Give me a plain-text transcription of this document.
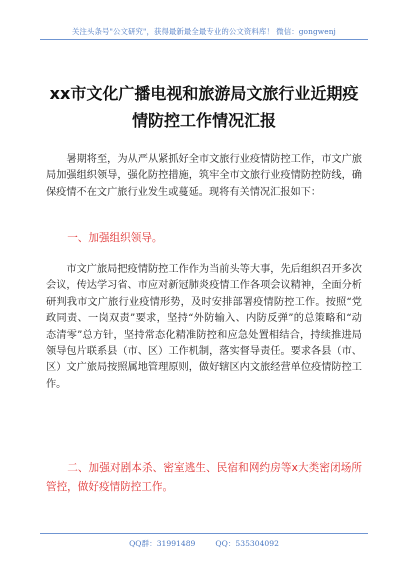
关注头条号"公文研究"，获得最新最全最专业的公文资料库！ 微信：gongwenj
xx市文化广播电视和旅游局文旅行业近期疫情防控工作情况汇报
暑期将至，为从严从紧抓好全市文旅行业疫情防控工作，市文广旅局加强组织领导，强化防控措施，筑牢全市文旅行业疫情防控防线，确保疫情不在文广旅行业发生或蔓延。现将有关情况汇报如下：
一、加强组织领导。
市文广旅局把疫情防控工作作为当前头等大事，先后组织召开多次会议，传达学习省、市应对新冠肺炎疫情工作各项会议精神，全面分析研判我市文广旅行业疫情形势，及时安排部署疫情防控工作。按照“党政同责、一岗双责”要求，坚持“外防输入、内防反弹”的总策略和“动态清零”总方针，坚持常态化精准防控和应急处置相结合，持续推进局领导包片联系县（市、区）工作机制，落实督导责任。要求各县（市、区）文广旅局按照属地管理原则，做好辖区内文旅经营单位疫情防控工作。
二、加强对剧本杀、密室逃生、民宿和网约房等x大类密闭场所管控，做好疫情防控工作。
QQ群：31991489	QQ：535304092
